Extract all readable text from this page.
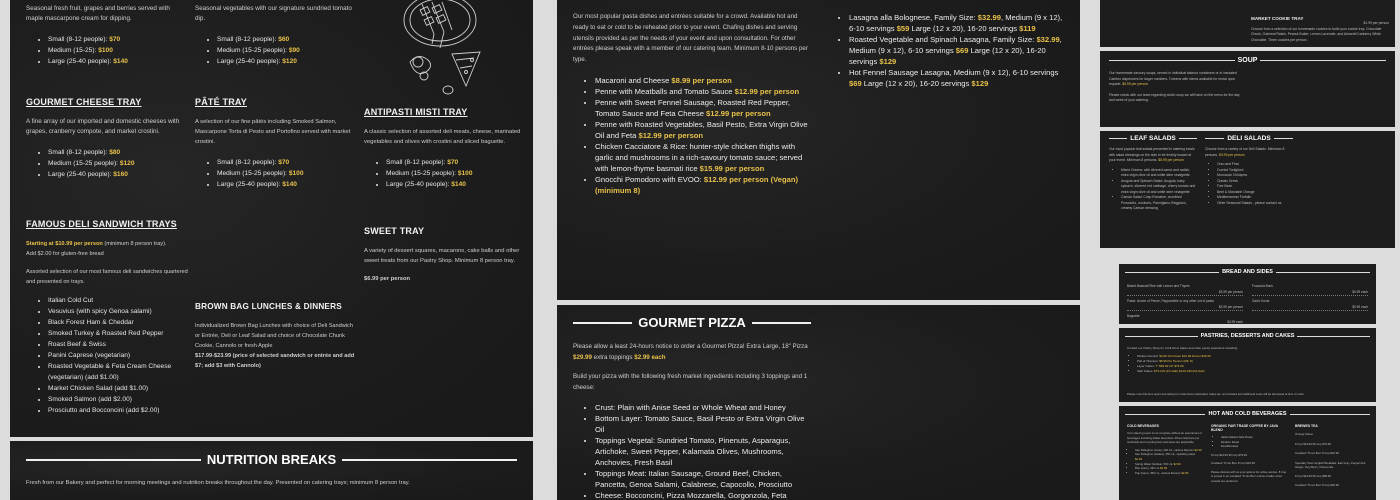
Seasonal fresh fruit, grapes and berries served with maple mascarpone cream for dipping.
• Small (8-12 people): $70
• Medium (15-25): $100
• Large (25-40 people): $140
Seasonal vegetables with our signature sundried tomato dip.
• Small (8-12 people): $60
• Medium (15-25 people): $90
• Large (25-40 people): $120
GOURMET CHEESE TRAY
A fine array of our imported and domestic cheeses with grapes, cranberry compote, and market crostini.
• Small (8-12 people): $80
• Medium (15-25 people): $120
• Large (25-40 people): $160
PÂTÉ TRAY
A selection of our fine pâtés including Smoked Salmon, Mascarpone Torta di Pesto and Portofino served with market crostini.
• Small (8-12 people): $70
• Medium (15-25 people): $100
• Large (25-40 people): $140
ANTIPASTI MISTI TRAY
A classic selection of assorted deli meats, cheese, marinated vegetables and olives with crostini and sliced baguette.
• Small (8-12 people): $70
• Medium (15-25 people): $100
• Large (25-40 people): $140
SWEET TRAY
A variety of dessert squares, macarons, cake balls and other sweet treats from our Pastry Shop. Minimum 8 person tray.
$6.99 per person
FAMOUS DELI SANDWICH TRAYS
Starting at $10.99 per person (minimum 8 person tray).
Add $2.00 for gluten-free bread
Assorted selection of our most famous deli sandwiches quartered and presented on trays.
• Italian Cold Cut
• Vesuvius (with spicy Genoa salami)
• Black Forest Ham & Cheddar
• Smoked Turkey & Roasted Red Pepper
• Roast Beef & Swiss
• Panini Caprese (vegetarian)
• Roasted Vegetable & Feta Cream Cheese (vegetarian) (add $1.00)
• Market Chicken Salad (add $1.00)
• Smoked Salmon (add $2.00)
• Prosciutto and Bocconcini (add $2.00)
BROWN BAG LUNCHES & DINNERS
Individualized Brown Bag Lunches with choice of Deli Sandwich or Entrée, Deli or Leaf Salad and choice of Chocolate Chunk Cookie, Cannolo or fresh Apple
$17.99-$23.99 (price of selected sandwich or entrée and add $7; add $3 with Cannolo)
NUTRITION BREAKS
Fresh from our Bakery and perfect for morning meetings and nutrition breaks throughout the day. Presented on catering trays; minimum 8 person tray.
Our most popular pasta dishes and entrées suitable for a crowd. Available hot and ready to eat or cold to be reheated prior to your event. Chafing dishes and serving utensils provided as per the needs of your event and upon consultation. For other entrées please speak with a member of our catering team. Minimum 8-10 persons per type.
• Macaroni and Cheese $8.99 per person
• Penne with Meatballs and Tomato Sauce $12.99 per person
• Penne with Sweet Fennel Sausage, Roasted Red Pepper, Tomato Sauce and Feta Cheese $12.99 per person
• Penne with Roasted Vegetables, Basil Pesto, Extra Virgin Olive Oil and Feta $12.99 per person
• Chicken Cacciatore & Rice: hunter-style chicken thighs with garlic and mushrooms in a rich-savoury tomato sauce; served with lemon-thyme basmati rice $15.99 per person
• Gnocchi Pomodoro with EVOO: $12.99 per person (Vegan) (minimum 8)
• Lasagna alla Bolognese, Family Size: $32.99, Medium (9 x 12), 6-10 servings $59 Large (12 x 20), 16-20 servings $119
• Roasted Vegetable and Spinach Lasagna, Family Size: $32.99, Medium (9 x 12), 6-10 servings $69 Large (12 x 20), 16-20 servings $129
• Hot Fennel Sausage Lasagna, Medium (9 x 12), 6-10 servings $69 Large (12 x 20), 16-20 servings $129
GOURMET PIZZA
Please allow a least 24-hours notice to order a Gourmet Pizza! Extra Large, 18" Pizza $29.99 extra toppings $2.99 each
Build your pizza with the following fresh market ingredients including 3 toppings and 1 cheese:
• Crust: Plain with Anise Seed or Whole Wheat and Honey
• Bottom Layer: Tomato Sauce, Basil Pesto or Extra Virgin Olive Oil
• Toppings Vegetal: Sundried Tomato, Pinenuts, Asparagus, Artichoke, Sweet Pepper, Kalamata Olives, Mushrooms, Anchovies, Fresh Basil
• Toppings Meat: Italian Sausage, Ground Beef, Chicken, Pancetta, Genoa Salami, Calabrese, Capocollo, Prosciutto
• Cheese: Bocconcini, Pizza Mozzarella, Gorgonzola, Feta
MARKET COOKIE TRAY
$1.99 per person
Choose from a selection of our homemade cookies to build your cookie tray: Chocolate Chunk, Oatmeal Raisin, Peanut Butter, Lemon Lavender, and Almond/Cranberry White Chocolate. Three cookies per person.
SOUP
Our homemade savoury soups, served in individual takeout containers or in insulated Cambro dispensers for larger numbers. Tureens with stems available for rental upon request. $5.99 per person
Please check with our team regarding which soup we will have on the menu for the day and week of your catering.
LEAF SALADS
Our most popular leaf salads presented in catering bowls with salad dressings on the side to be freshly tossed at your event. Minimum 8 persons. $5.99 per person
• Mixed Greens: with slivered carrot and radish, extra virgin olive oil and white wine vinaigrette
• Arugula and Spinach Salad: Arugula, baby spinach, slivered red cabbage, cherry tomato and extra virgin olive oil and white wine vinaigrette
• Caesar Salad: Crisp Romaine, crumbled Prosciutto, croutons, Parmigiano-Reggiano, creamy Caesar dressing
DELI SALADS
Choose from a variety of our Deli Salads. Minimum 8 persons. $3.99 per person
• Orzo and Feta
• Curried Tortiglioni
• Moroccan Chickpea
• Classic Greek
• Five Bean
• Beet & Mandarin Orange
• Mediterranean Farfalle
• Other Seasonal Salads - please contact us
BREAD AND SIDES
Baked Basmati Rice with Lemon and Thyme
$3.99 per person
Pasta: choice of Penne, Pappardelle or any other cut of pasta
$3.99 per person
Baguette
$3.99 each
Focaccia Buns
$0.99 each
Garlic Knots
$0.99 each
PASTRIES, DESSERTS AND CAKES
Contact our Pastry Shop for a full list of cakes and other pastry selections including:
• Sicilian Cannoli: $3.99 1/2 Dozen $21.99 Dozen $39.99
• Pail of Tiramisu: $5.99 Per Person (Min 8)
• Layer Cakes: 7" $59.99 10" $79.99
• Slab Cakes: $79-119 (1/2 slab) $149-199 (full slab)
Please note that time spent decorating for customized celebration cakes are not included and additional costs will be discussed at time of order.
HOT AND COLD BEVERAGES
COLD BEVERAGES
Your catering event is not complete without an assortment of beverages including Italian favourites. Prices listed are per can/bottle and recycling fees and taxes are applicable.
• San Pellegrino (cans), 330 mL, various flavours $2.99
• San Pellegrino (bottles), 250 mL, sparkling water $2.99
• Spring Water (bottles), 500 mL $2.99
• Brio (cans), 330 mL $2.99
• Pop (cans), 355 mL, various flavours $2.99
ORGANIC FAIR TRADE COFFEE BY JAVA BLEND
• Italian Market Dark Roast
• Medium Roast
• Decaffeinated
8 Cup $24.99 96 Cup $79.99
Insulated 'To Go Box' 8 Cup $32.99
Please discuss with us your options for coffee service. 8 Cup is served in an insulated 'To Go Box' unless smaller sized vessels are preferred.
BREWED TEA
Orange Pekoe
8 Cup $19.99 96 Cup $79.99
Insulated 'To Go Box' 8 Cup $22.99
Specialty Teas: English Breakfast, Earl Grey, Peppermint, Ginger, Very Berry, Chamomile
8 Cup $24.99 96 Cup $89.99
Insulated 'To Go Box' 8 Cup $29.99
